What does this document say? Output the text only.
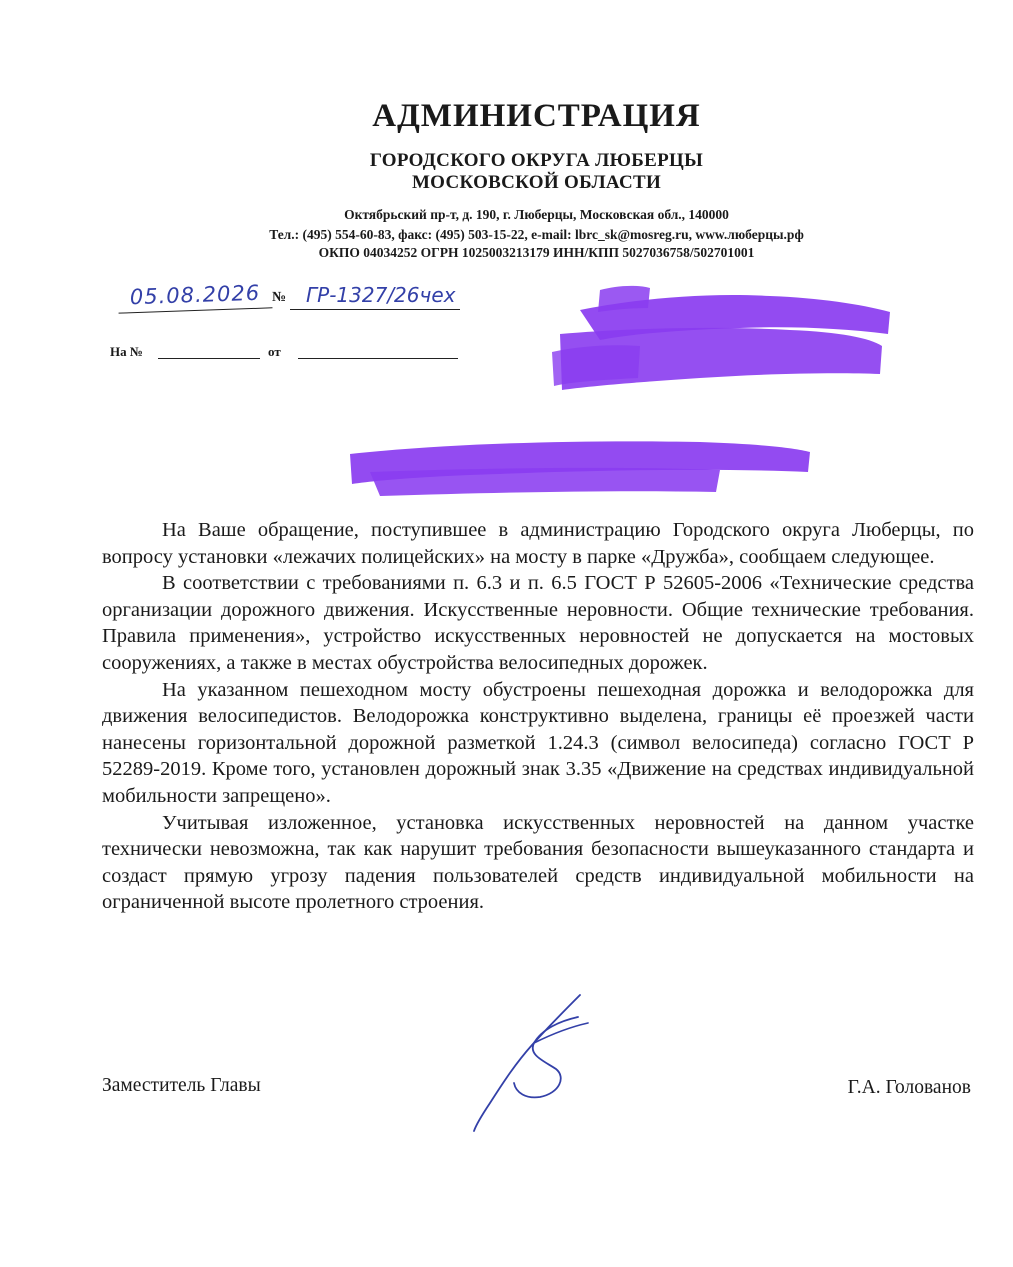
АДМИНИСТРАЦИЯ
ГОРОДСКОГО ОКРУГА ЛЮБЕРЦЫ
МОСКОВСКОЙ ОБЛАСТИ
Октябрьский пр-т, д. 190, г. Люберцы, Московская обл., 140000
Тел.: (495) 554-60-83, факс: (495) 503-15-22, e-mail: lbrc_sk@mosreg.ru, www.люберцы.рф
ОКПО 04034252 ОГРН 1025003213179 ИНН/КПП 5027036758/502701001
05.08.2026 № ГР-1327/26чех
На №	от

На Ваше обращение, поступившее в администрацию Городского округа Люберцы, по вопросу установки «лежачих полицейских» на мосту в парке «Дружба», сообщаем следующее.

В соответствии с требованиями п. 6.3 и п. 6.5 ГОСТ Р 52605-2006 «Технические средства организации дорожного движения. Искусственные неровности. Общие технические требования. Правила применения», устройство искусственных неровностей не допускается на мостовых сооружениях, а также в местах обустройства велосипедных дорожек.

На указанном пешеходном мосту обустроены пешеходная дорожка и велодорожка для движения велосипедистов. Велодорожка конструктивно выделена, границы её проезжей части нанесены горизонтальной дорожной разметкой 1.24.3 (символ велосипеда) согласно ГОСТ Р 52289-2019. Кроме того, установлен дорожный знак 3.35 «Движение на средствах индивидуальной мобильности запрещено».

Учитывая изложенное, установка искусственных неровностей на данном участке технически невозможна, так как нарушит требования безопасности вышеуказанного стандарта и создаст прямую угрозу падения пользователей средств индивидуальной мобильности на ограниченной высоте пролетного строения.

Заместитель Главы	Г.А. Голованов
